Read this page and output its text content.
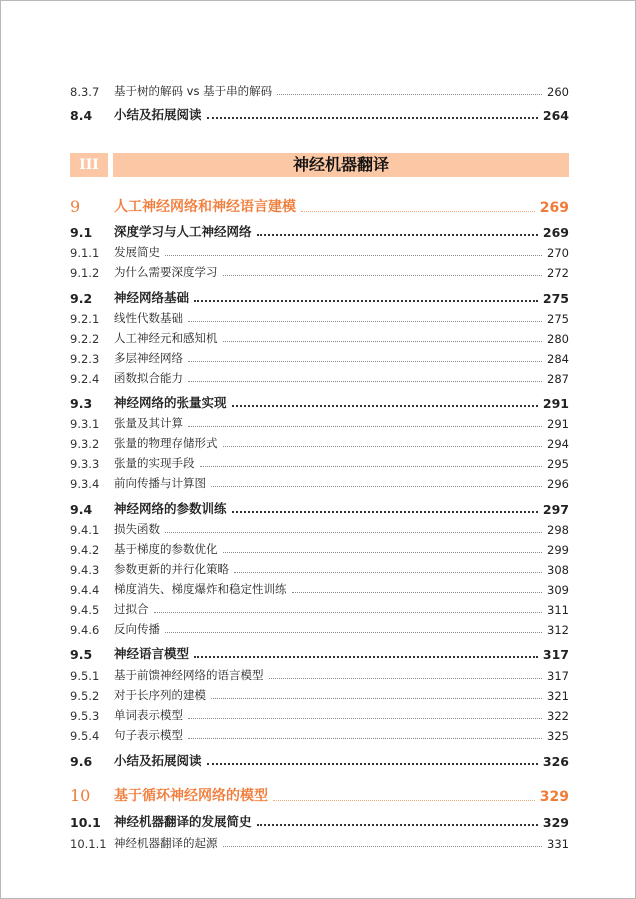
8.3.7	基于树的解码 vs 基于串的解码	260
8.4	小结及拓展阅读	264
III	神经机器翻译
9	人工神经网络和神经语言建模	269
9.1	深度学习与人工神经网络	269
9.1.1	发展简史	270
9.1.2	为什么需要深度学习	272
9.2	神经网络基础	275
9.2.1	线性代数基础	275
9.2.2	人工神经元和感知机	280
9.2.3	多层神经网络	284
9.2.4	函数拟合能力	287
9.3	神经网络的张量实现	291
9.3.1	张量及其计算	291
9.3.2	张量的物理存储形式	294
9.3.3	张量的实现手段	295
9.3.4	前向传播与计算图	296
9.4	神经网络的参数训练	297
9.4.1	损失函数	298
9.4.2	基于梯度的参数优化	299
9.4.3	参数更新的并行化策略	308
9.4.4	梯度消失、梯度爆炸和稳定性训练	309
9.4.5	过拟合	311
9.4.6	反向传播	312
9.5	神经语言模型	317
9.5.1	基于前馈神经网络的语言模型	317
9.5.2	对于长序列的建模	321
9.5.3	单词表示模型	322
9.5.4	句子表示模型	325
9.6	小结及拓展阅读	326
10	基于循环神经网络的模型	329
10.1	神经机器翻译的发展简史	329
10.1.1 神经机器翻译的起源	331
